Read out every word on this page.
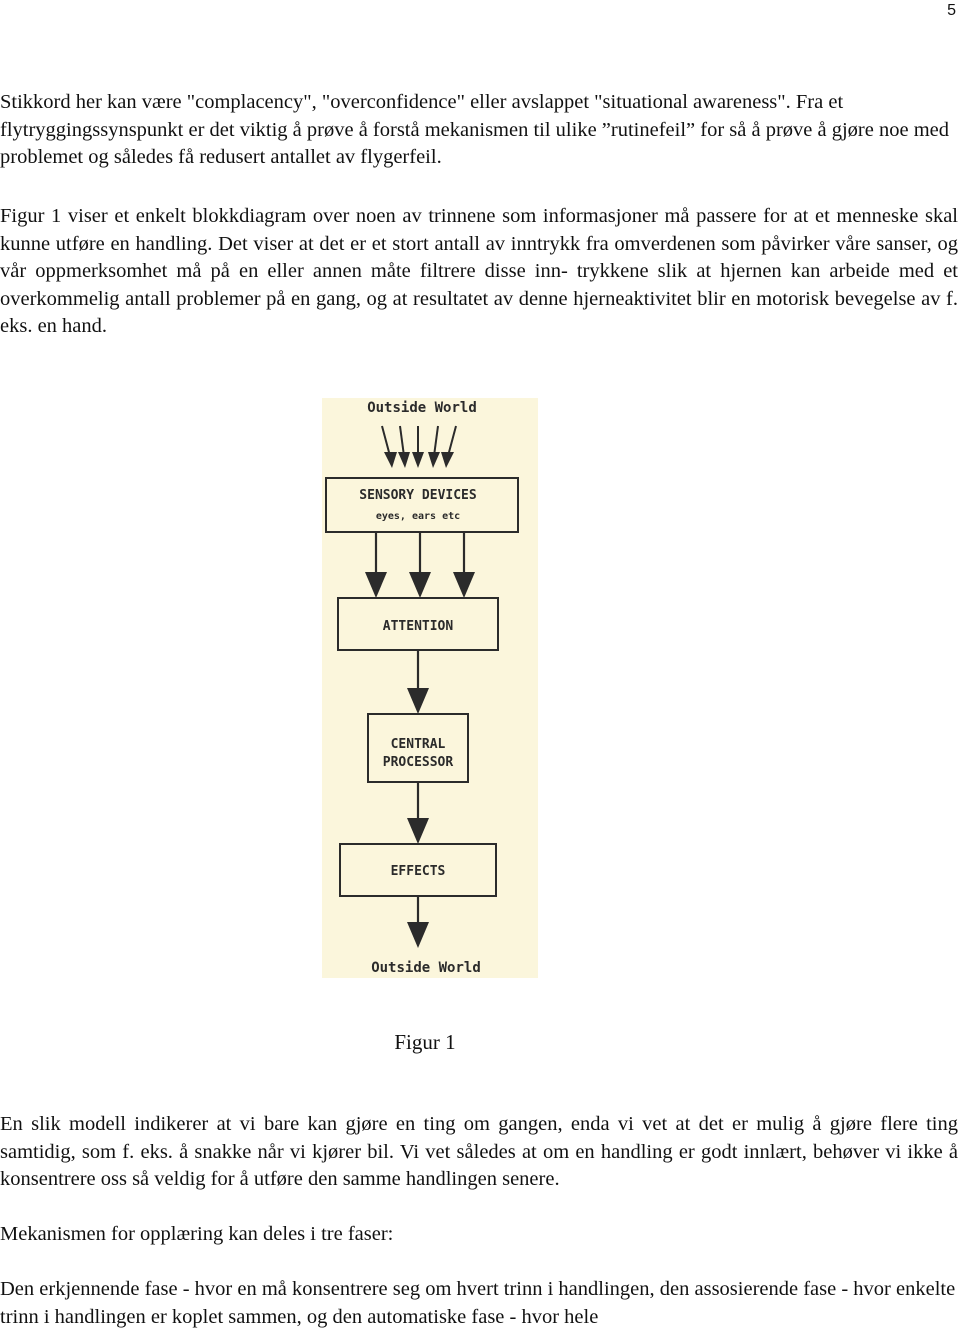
5

Stikkord her kan være "complacency", "overconfidence" eller avslappet "situational awareness". Fra et flytryggingssynspunkt er det viktig å prøve å forstå mekanismen til ulike ”rutinefeil” for så å prøve å gjøre noe med problemet og således få redusert antallet av flygerfeil.

Figur 1 viser et enkelt blokkdiagram over noen av trinnene som informasjoner må passere for at et menneske skal kunne utføre en handling. Det viser at det er et stort antall av inntrykk fra omverdenen som påvirker våre sanser, og vår oppmerksomhet må på en eller annen måte filtrere disse inn- trykkene slik at hjernen kan arbeide med et overkommelig antall problemer på en gang, og at resultatet av denne hjerneaktivitet blir en motorisk bevegelse av f. eks. en hand.

Outside World
SENSORY DEVICES
eyes, ears etc
ATTENTION
CENTRAL
PROCESSOR
EFFECTS
Outside World
Figur 1

En slik modell indikerer at vi bare kan gjøre en ting om gangen, enda vi vet at det er mulig å gjøre flere ting samtidig, som f. eks. å snakke når vi kjører bil. Vi vet således at om en handling er godt innlært, behøver vi ikke å konsentrere oss så veldig for å utføre den samme handlingen senere.

Mekanismen for opplæring kan deles i tre faser:

Den erkjennende fase - hvor en må konsentrere seg om hvert trinn i handlingen, den assosierende fase - hvor enkelte trinn i handlingen er koplet sammen, og den automatiske fase - hvor hele
